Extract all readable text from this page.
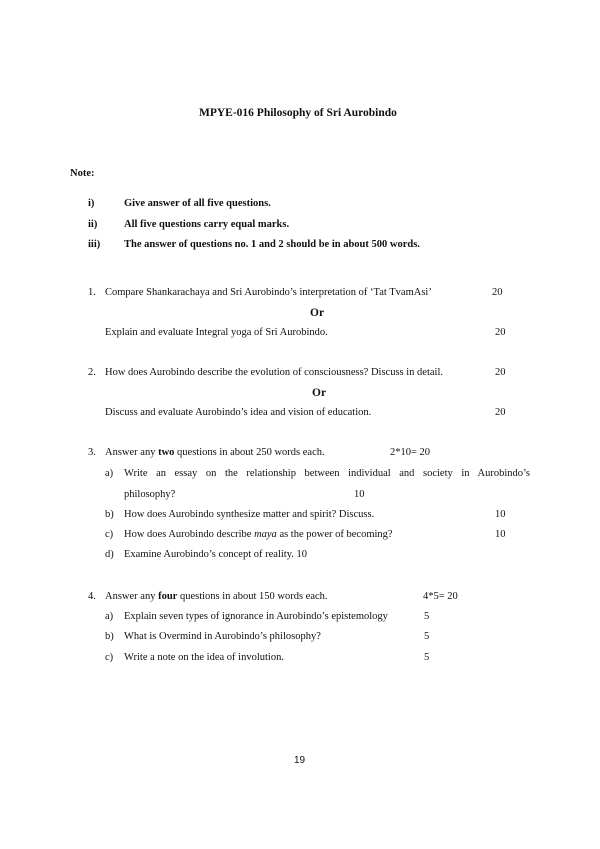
MPYE-016 Philosophy of Sri Aurobindo
Note:
i)	Give answer of all five questions.
ii)	All five questions carry equal marks.
iii) The answer of questions no. 1 and 2 should be in about 500 words.
1. Compare Shankarachaya and Sri Aurobindo’s interpretation of ‘Tat TvamAsi’	20
Or
Explain and evaluate Integral yoga of Sri Aurobindo.	20
2. How does Aurobindo describe the evolution of consciousness? Discuss in detail.	20
Or
Discuss and evaluate Aurobindo’s idea and vision of education.	20
3. Answer any two questions in about 250 words each.	2*10= 20
a) Write an essay on the relationship between individual and society in Aurobindo’s
philosophy?	10
b) How does Aurobindo synthesize matter and spirit? Discuss.	10
c) How does Aurobindo describe maya as the power of becoming?	10
d) Examine Aurobindo’s concept of reality. 10
4. Answer any four questions in about 150 words each.	4*5= 20
a) Explain seven types of ignorance in Aurobindo’s epistemology	5
b) What is Overmind in Aurobindo’s philosophy?	5
c) Write a note on the idea of involution.	5
19
